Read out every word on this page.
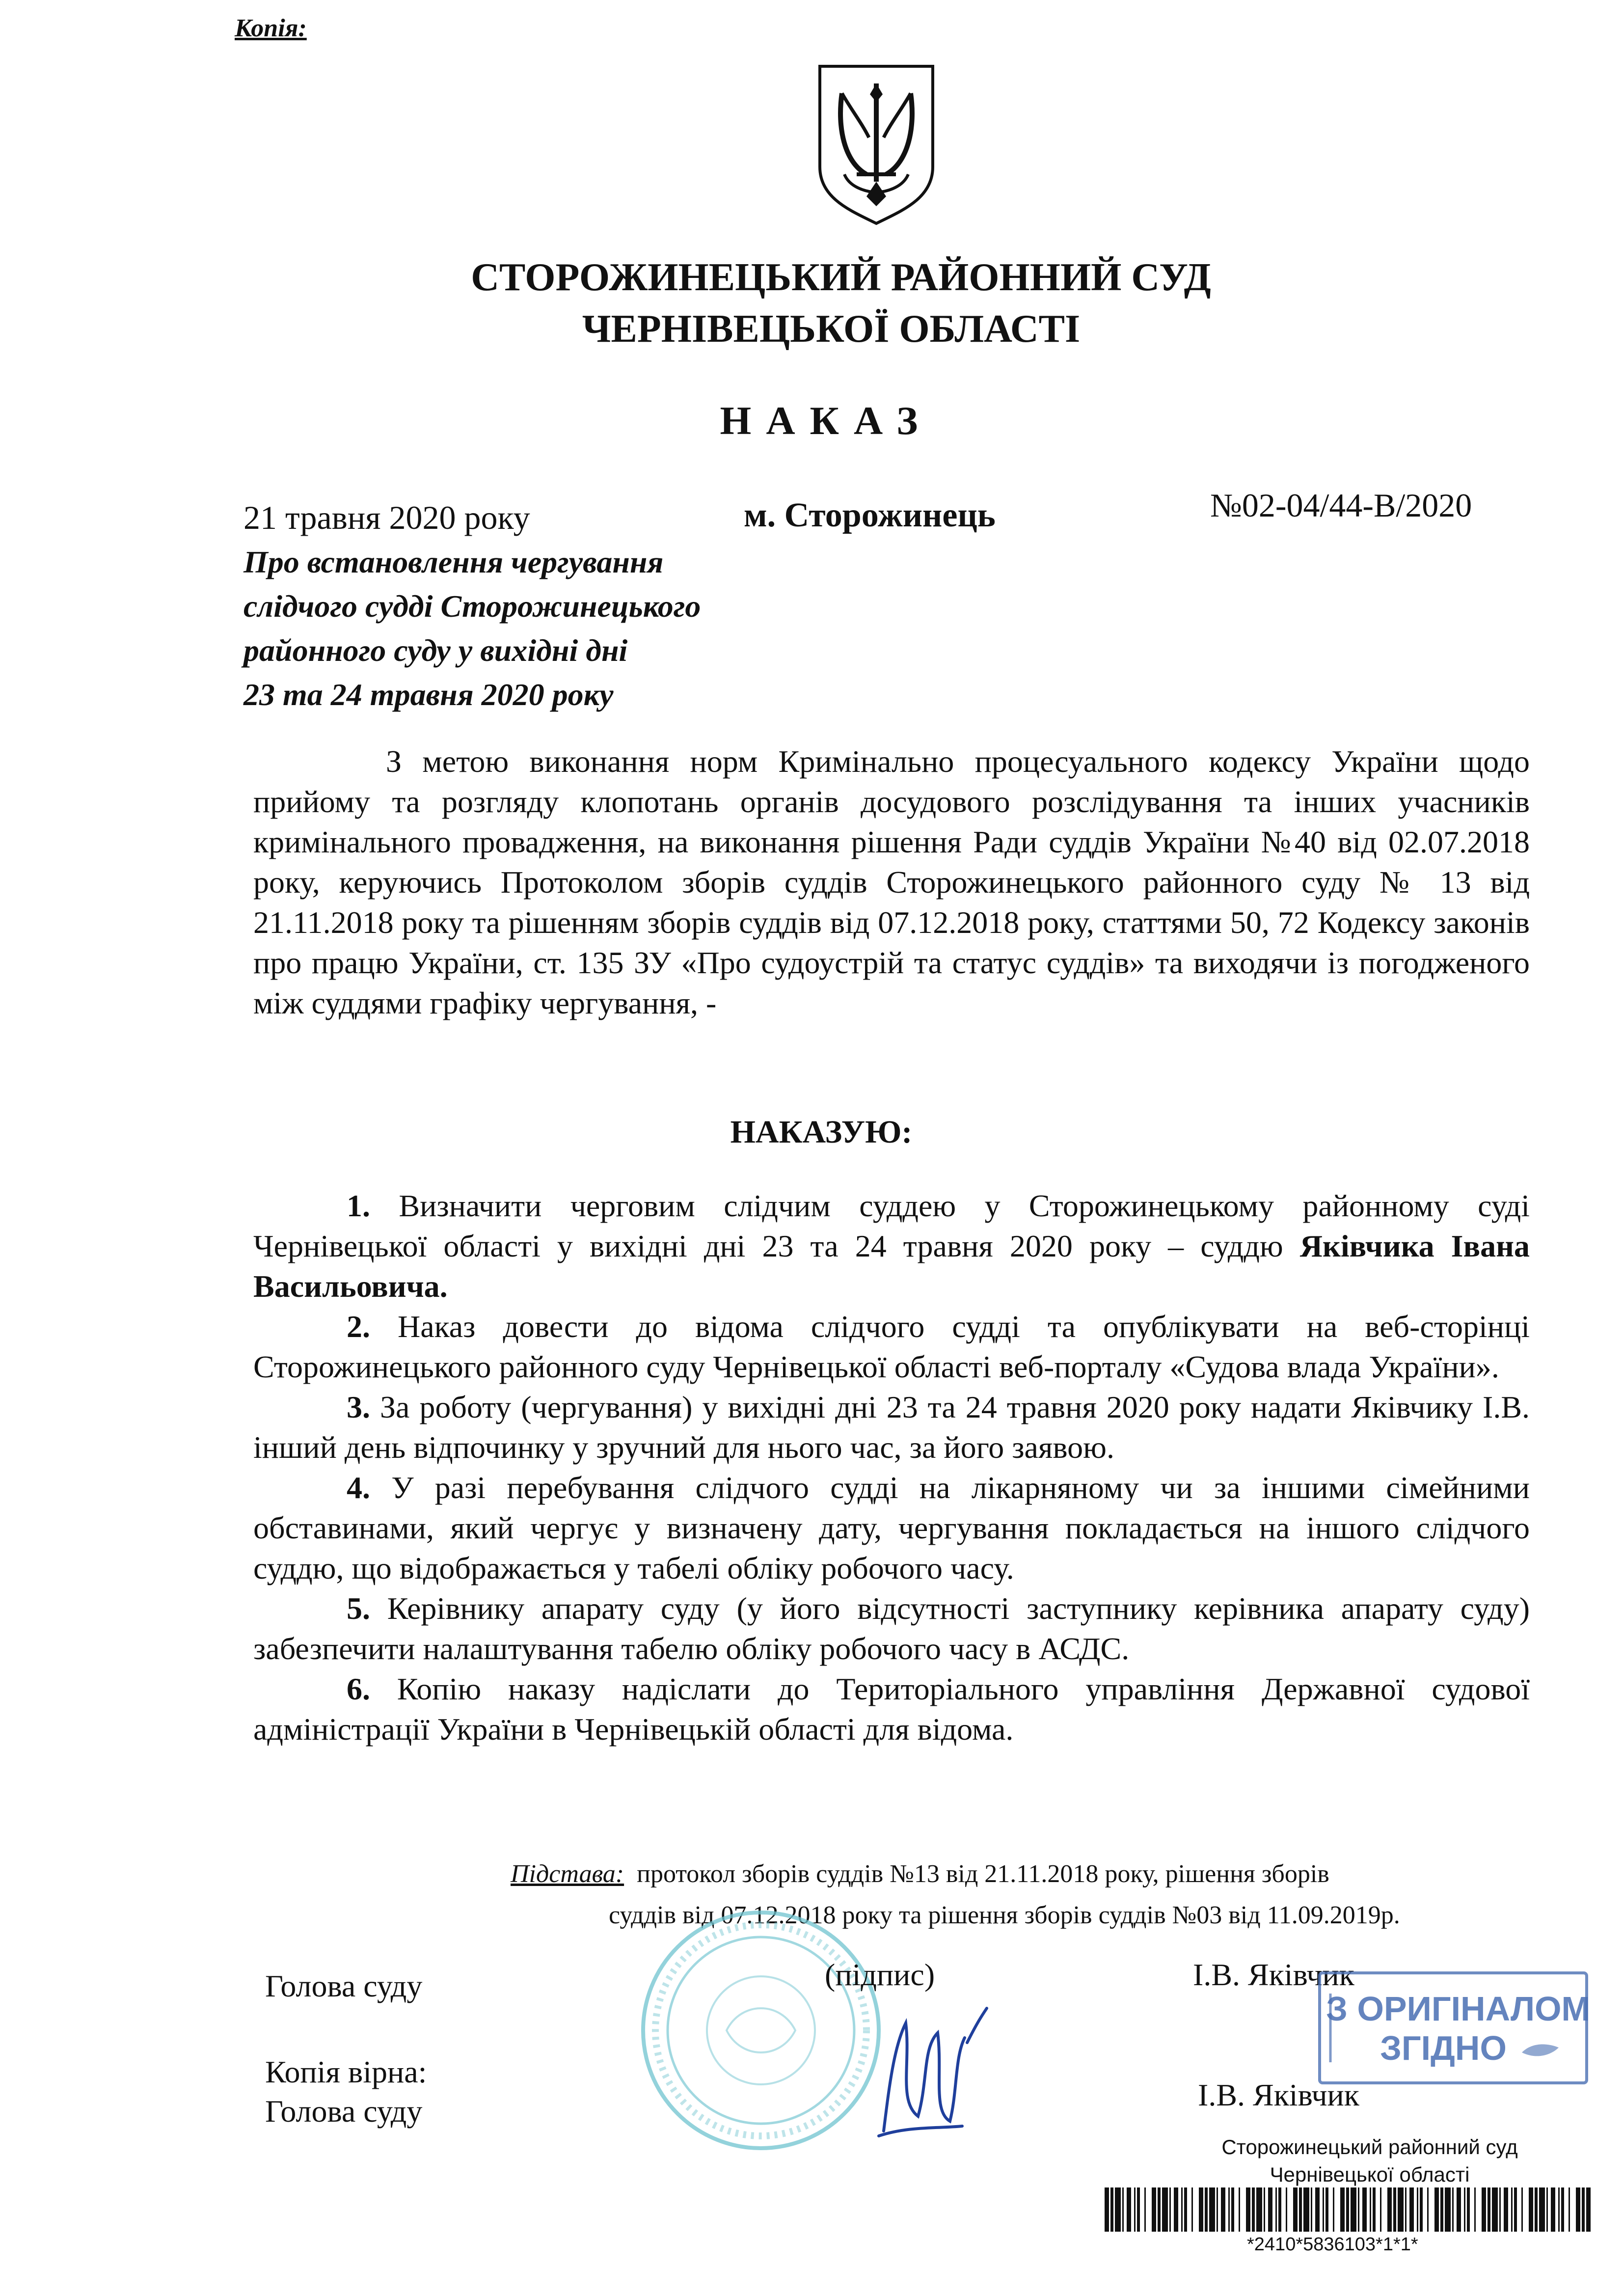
Копія:
СТОРОЖИНЕЦЬКИЙ РАЙОННИЙ СУД
ЧЕРНІВЕЦЬКОЇ ОБЛАСТІ
НАКАЗ
21 травня 2020 року	м. Сторожинець	№02-04/44-В/2020
Про встановлення чергування
слідчого судді Сторожинецького
районного суду у вихідні дні
23 та 24 травня 2020 року

З метою виконання норм Кримінально процесуального кодексу України щодо прийому та розгляду клопотань органів досудового розслідування та інших учасників кримінального провадження, на виконання рішення Ради суддів України №40 від 02.07.2018 року, керуючись Протоколом зборів суддів Сторожинецького районного суду № 13 від 21.11.2018 року та рішенням зборів суддів від 07.12.2018 року, статтями 50, 72 Кодексу законів про працю України, ст. 135 ЗУ «Про судоустрій та статус суддів» та виходячи із погодженого між суддями графіку чергування, -

НАКАЗУЮ:

1. Визначити черговим слідчим суддею у Сторожинецькому районному суді Чернівецької області у вихідні дні 23 та 24 травня 2020 року – суддю Яківчика Івана Васильовича.

2. Наказ довести до відома слідчого судді та опублікувати на веб-сторінці Сторожинецького районного суду Чернівецької області веб-порталу «Судова влада України».

3. За роботу (чергування) у вихідні дні 23 та 24 травня 2020 року надати Яківчику І.В. інший день відпочинку у зручний для нього час, за його заявою.

4. У разі перебування слідчого судді на лікарняному чи за іншими сімейними обставинами, який чергує у визначену дату, чергування покладається на іншого слідчого суддю, що відображається у табелі обліку робочого часу.

5. Керівнику апарату суду (у його відсутності заступнику керівника апарату суду) забезпечити налаштування табелю обліку робочого часу в АСДС.

6. Копію наказу надіслати до Територіального управління Державної судової адміністрації України в Чернівецькій області для відома.

Підстава: протокол зборів суддів №13 від 21.11.2018 року, рішення зборів
суддів від 07.12.2018 року та рішення зборів суддів №03 від 11.09.2019р.
Голова суду	(підпис)	І.В. Яківчик
Копія вірна:
Голова суду	І.В. Яківчик
З ОРИГІНАЛОМ
ЗГІДНО
Сторожинецький районний суд
Чернівецької області
*2410*5836103*1*1*
